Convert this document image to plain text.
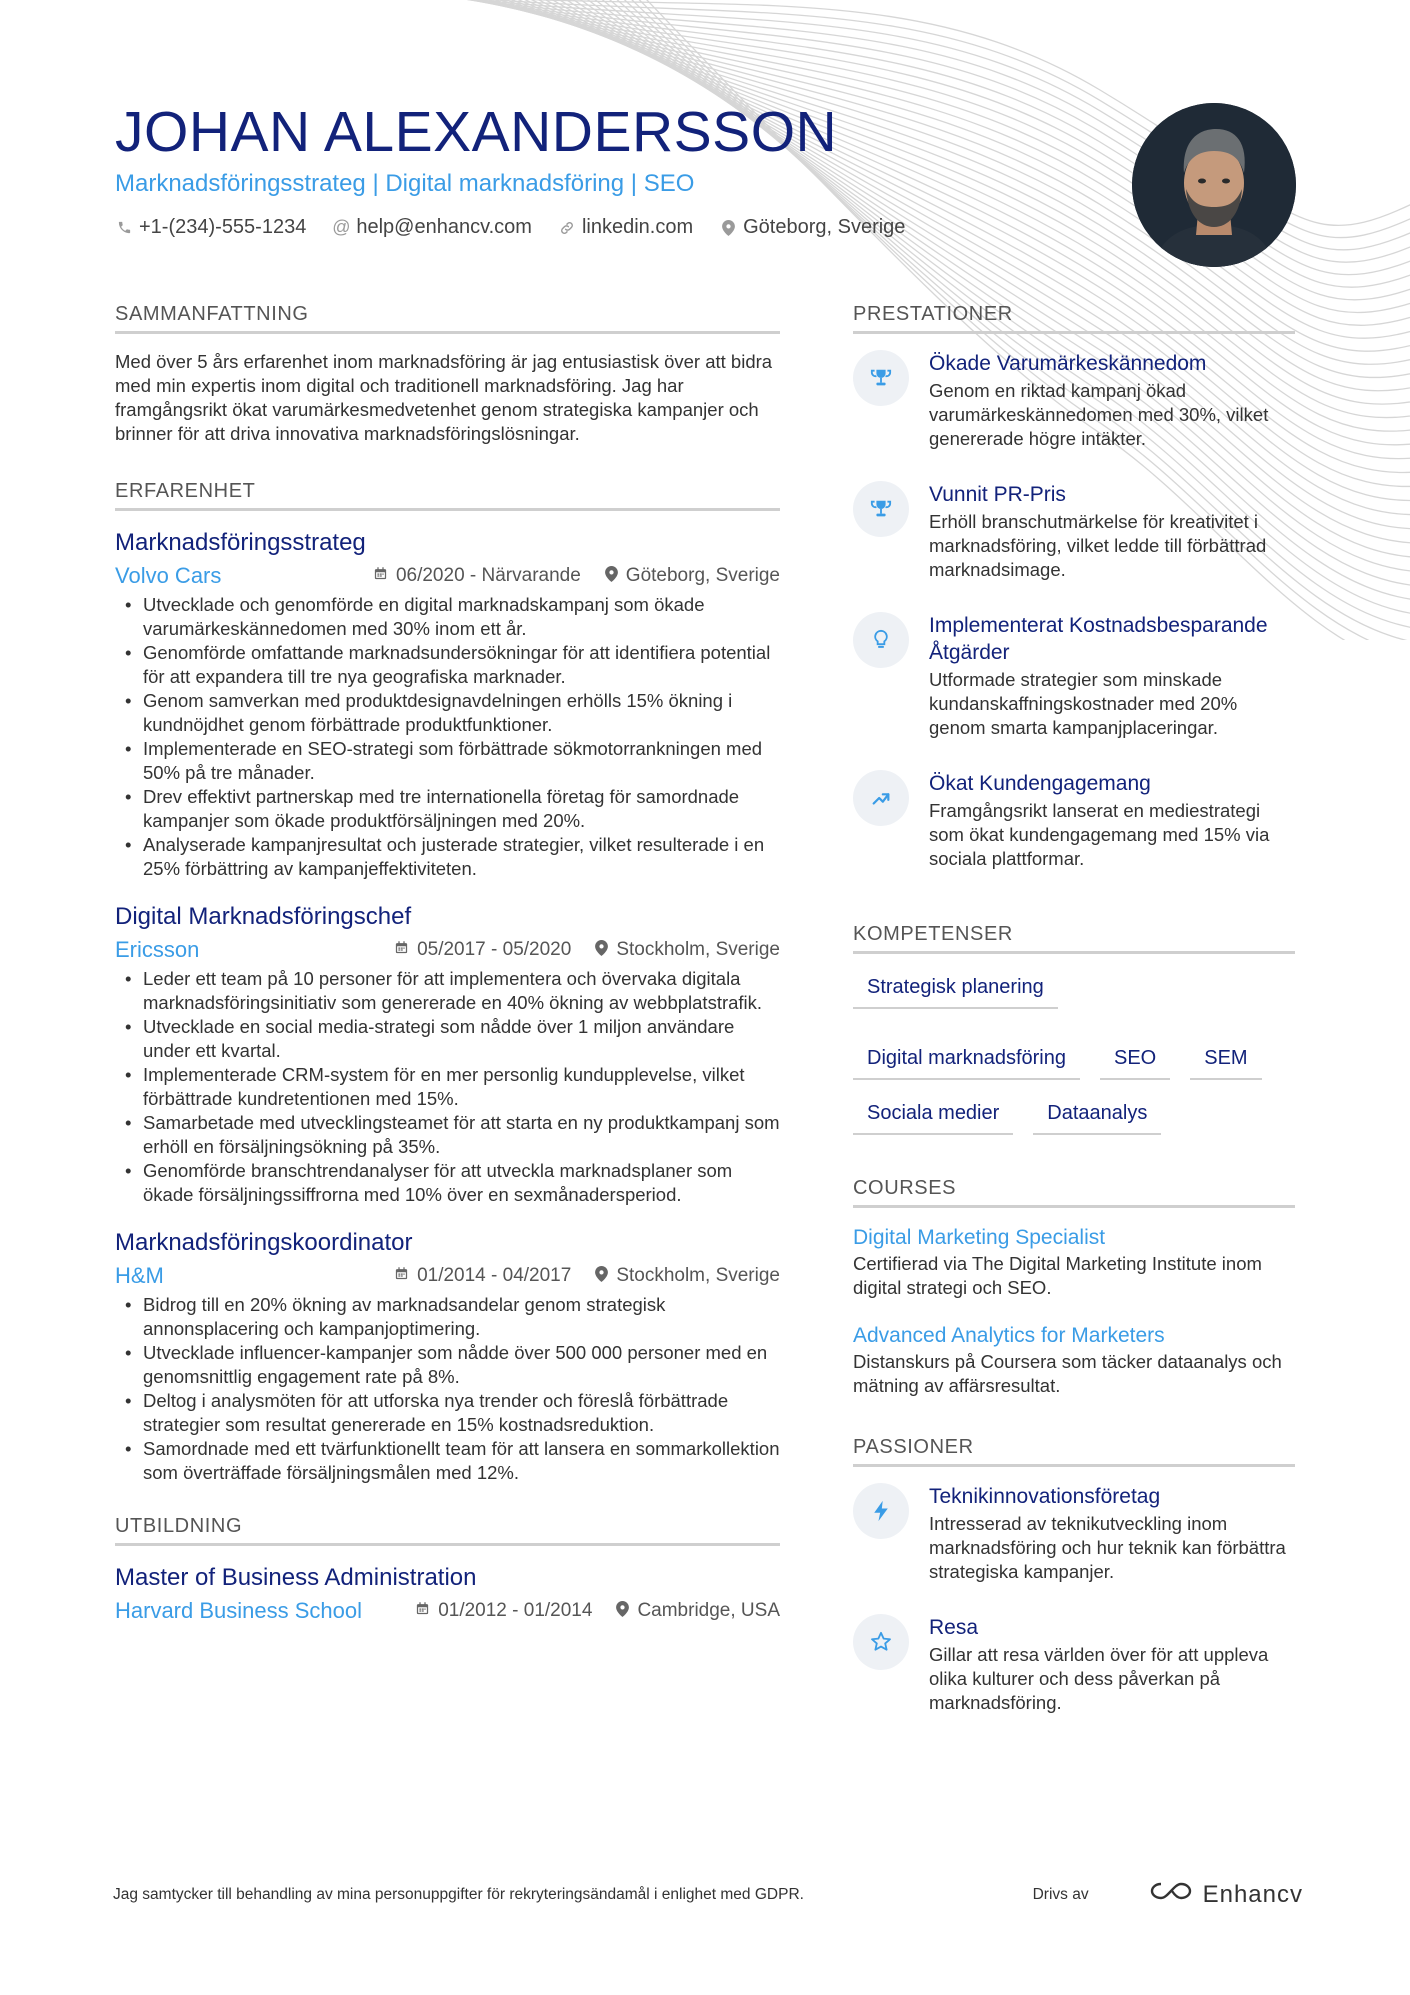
JOHAN ALEXANDERSSON
Marknadsföringsstrateg | Digital marknadsföring | SEO
+1-(234)-555-1234 @ help@enhancv.com	linkedin.com	Göteborg, Sverige
SAMMANFATTNING
Med över 5 års erfarenhet inom marknadsföring är jag entusiastisk över att bidra med min expertis inom digital och traditionell marknadsföring. Jag har framgångsrikt ökat varumärkesmedvetenhet genom strategiska kampanjer och brinner för att driva innovativa marknadsföringslösningar.
ERFARENHET
Marknadsföringsstrateg
Volvo Cars	06/2020 - Närvarande Göteborg, Sverige
• Utvecklade och genomförde en digital marknadskampanj som ökade varumärkeskännedomen med 30% inom ett år.
• Genomförde omfattande marknadsundersökningar för att identifiera potential för att expandera till tre nya geografiska marknader.
• Genom samverkan med produktdesignavdelningen erhölls 15% ökning i kundnöjdhet genom förbättrade produktfunktioner.
• Implementerade en SEO-strategi som förbättrade sökmotorrankningen med 50% på tre månader.
• Drev effektivt partnerskap med tre internationella företag för samordnade kampanjer som ökade produktförsäljningen med 20%.
• Analyserade kampanjresultat och justerade strategier, vilket resulterade i en 25% förbättring av kampanjeffektiviteten.
Digital Marknadsföringschef
Ericsson	05/2017 - 05/2020 Stockholm, Sverige
• Leder ett team på 10 personer för att implementera och övervaka digitala marknadsföringsinitiativ som genererade en 40% ökning av webbplatstrafik.
• Utvecklade en social media-strategi som nådde över 1 miljon användare under ett kvartal.
• Implementerade CRM-system för en mer personlig kundupplevelse, vilket förbättrade kundretentionen med 15%.
• Samarbetade med utvecklingsteamet för att starta en ny produktkampanj som erhöll en försäljningsökning på 35%.
• Genomförde branschtrendanalyser för att utveckla marknadsplaner som ökade försäljningssiffrorna med 10% över en sexmånadersperiod.
Marknadsföringskoordinator
H&M	01/2014 - 04/2017 Stockholm, Sverige
• Bidrog till en 20% ökning av marknadsandelar genom strategisk annonsplacering och kampanjoptimering.
• Utvecklade influencer-kampanjer som nådde över 500 000 personer med en genomsnittlig engagement rate på 8%.
• Deltog i analysmöten för att utforska nya trender och föreslå förbättrade strategier som resultat genererade en 15% kostnadsreduktion.
• Samordnade med ett tvärfunktionellt team för att lansera en sommarkollektion som överträffade försäljningsmålen med 12%.
UTBILDNING
Master of Business Administration
Harvard Business School	01/2012 - 01/2014 Cambridge, USA
PRESTATIONER
Ökade Varumärkeskännedom
Genom en riktad kampanj ökad varumärkeskännedomen med 30%, vilket genererade högre intäkter.
Vunnit PR-Pris
Erhöll branschutmärkelse för kreativitet i marknadsföring, vilket ledde till förbättrad marknadsimage.
Implementerat Kostnadsbesparande Åtgärder
Utformade strategier som minskade kundanskaffningskostnader med 20% genom smarta kampanjplaceringar.
Ökat Kundengagemang
Framgångsrikt lanserat en mediestrategi som ökat kundengagemang med 15% via sociala plattformar.
KOMPETENSER
Strategisk planering
Digital marknadsföring	SEO	SEM
Sociala medier	Dataanalys
COURSES
Digital Marketing Specialist
Certifierad via The Digital Marketing Institute inom digital strategi och SEO.
Advanced Analytics for Marketers
Distanskurs på Coursera som täcker dataanalys och mätning av affärsresultat.
PASSIONER
Teknikinnovationsföretag
Intresserad av teknikutveckling inom marknadsföring och hur teknik kan förbättra strategiska kampanjer.
Resa
Gillar att resa världen över för att uppleva olika kulturer och dess påverkan på marknadsföring.
Jag samtycker till behandling av mina personuppgifter för rekryteringsändamål i enlighet med GDPR.	Drivs av	Enhancv
